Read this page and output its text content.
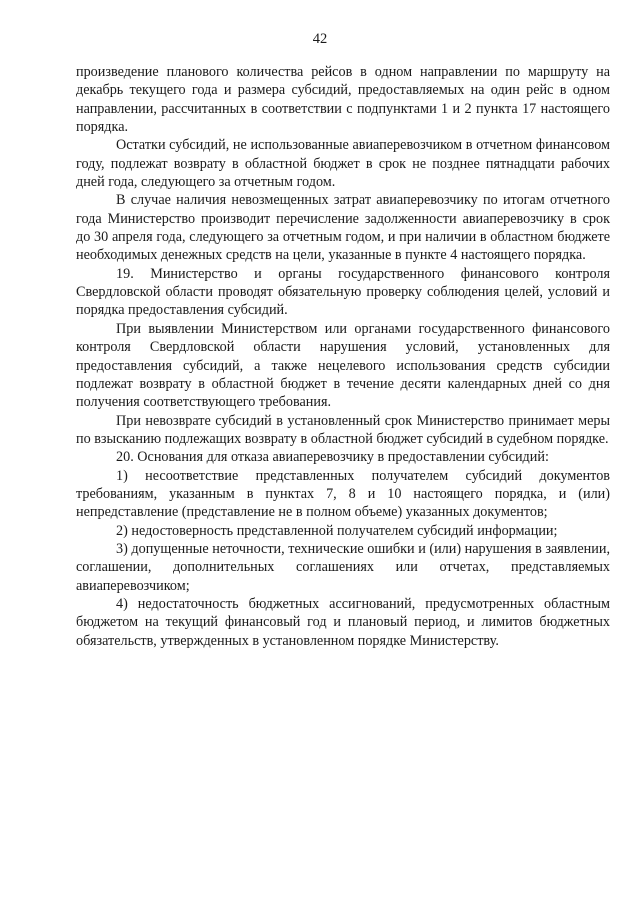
42

произведение планового количества рейсов в одном направлении по маршруту на декабрь текущего года и размера субсидий, предоставляемых на один рейс в одном направлении, рассчитанных в соответствии с подпунктами 1 и 2 пункта 17 настоящего порядка.

Остатки субсидий, не использованные авиаперевозчиком в отчетном финансовом году, подлежат возврату в областной бюджет в срок не позднее пятнадцати рабочих дней года, следующего за отчетным годом.

В случае наличия невозмещенных затрат авиаперевозчику по итогам отчетного года Министерство производит перечисление задолженности авиаперевозчику в срок до 30 апреля года, следующего за отчетным годом, и при наличии в областном бюджете необходимых денежных средств на цели, указанные в пункте 4 настоящего порядка.

19. Министерство и органы государственного финансового контроля Свердловской области проводят обязательную проверку соблюдения целей, условий и порядка предоставления субсидий.

При выявлении Министерством или органами государственного финансового контроля Свердловской области нарушения условий, установленных для предоставления субсидий, а также нецелевого использования средств субсидии подлежат возврату в областной бюджет в течение десяти календарных дней со дня получения соответствующего требования.

При невозврате субсидий в установленный срок Министерство принимает меры по взысканию подлежащих возврату в областной бюджет субсидий в судебном порядке.

20. Основания для отказа авиаперевозчику в предоставлении субсидий:

1) несоответствие представленных получателем субсидий документов требованиям, указанным в пунктах 7, 8 и 10 настоящего порядка, и (или) непредставление (представление не в полном объеме) указанных документов;

2) недостоверность представленной получателем субсидий информации;

3) допущенные неточности, технические ошибки и (или) нарушения в заявлении, соглашении, дополнительных соглашениях или отчетах, представляемых авиаперевозчиком;

4) недостаточность бюджетных ассигнований, предусмотренных областным бюджетом на текущий финансовый год и плановый период, и лимитов бюджетных обязательств, утвержденных в установленном порядке Министерству.
